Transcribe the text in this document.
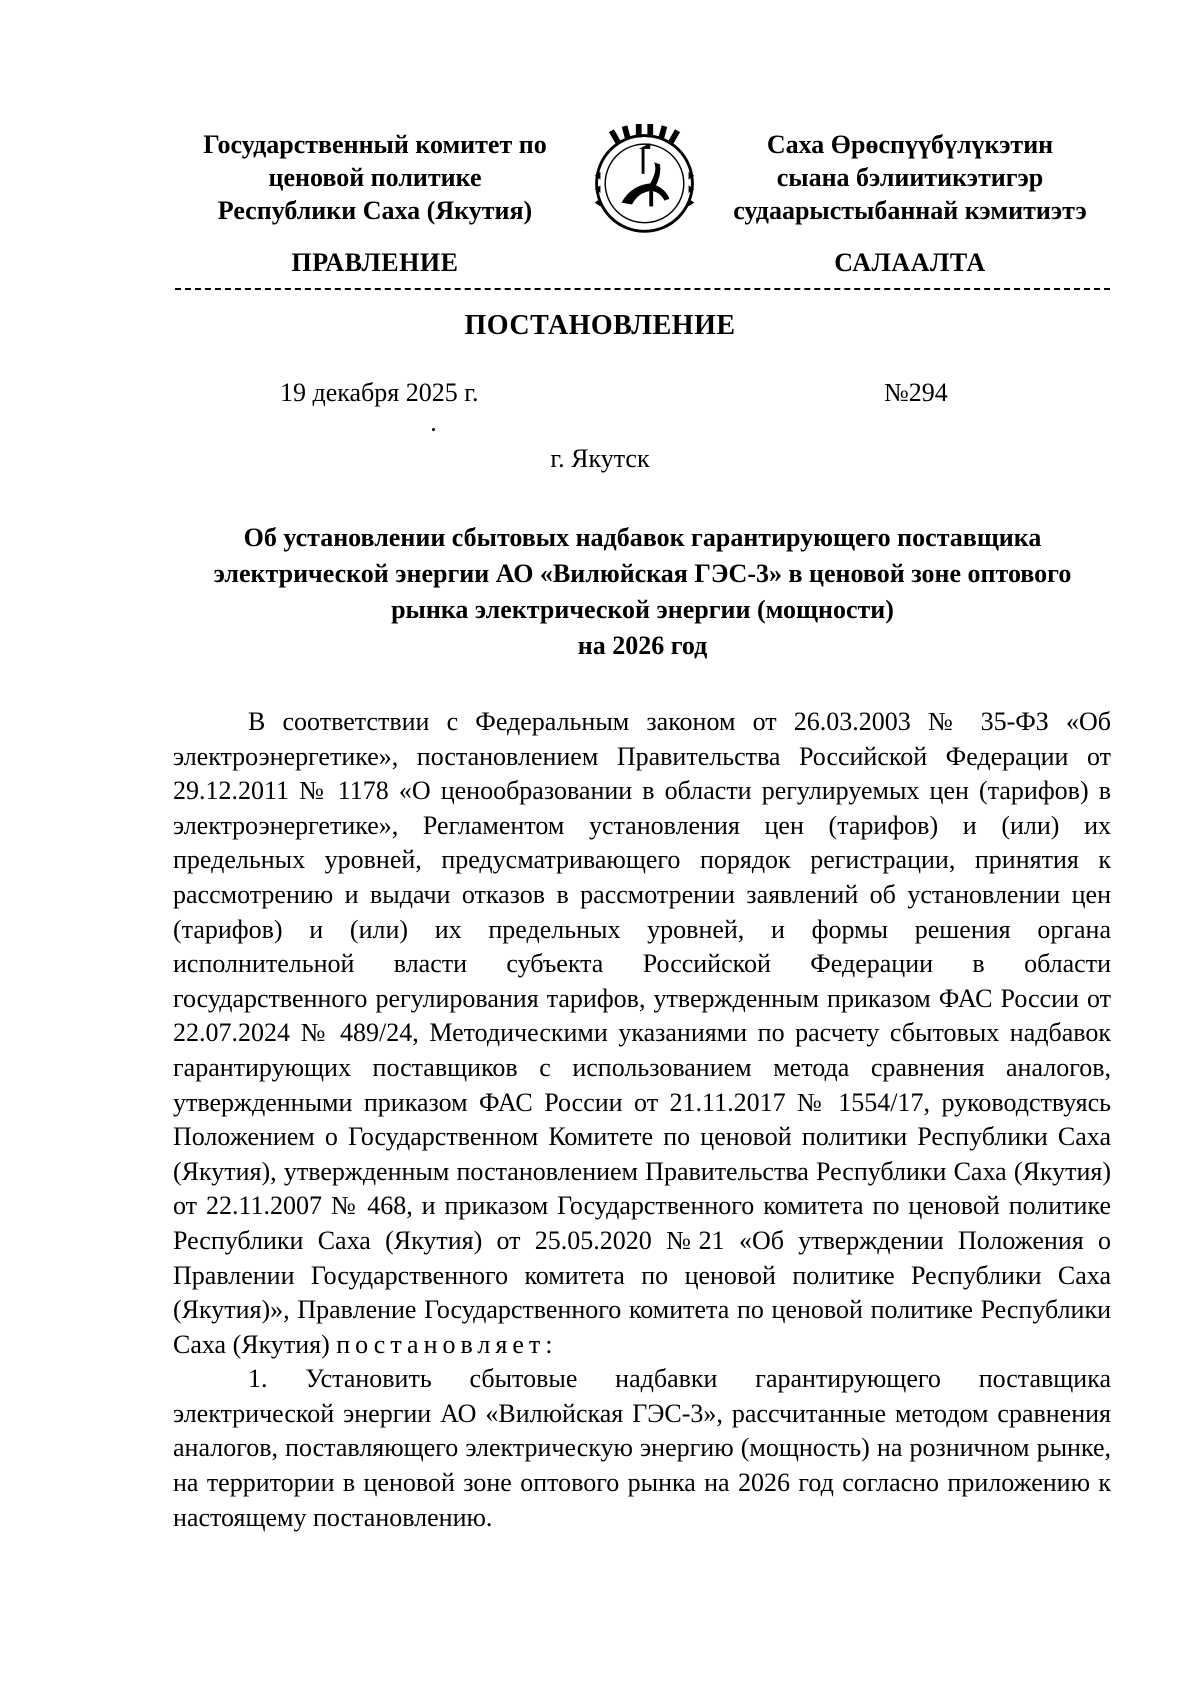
Государственный комитет по
ценовой политике
Республики Саха (Якутия)
Саха Өрөспүүбүлүкэтин
сыана бэлиитикэтигэр
судаарыстыбаннай кэмитиэтэ
ПРАВЛЕНИЕ	САЛААЛТА
ПОСТАНОВЛЕНИЕ
19 декабря 2025 г.	№294
г. Якутск
Об установлении сбытовых надбавок гарантирующего поставщика
электрической энергии АО «Вилюйская ГЭС-3» в ценовой зоне оптового
рынка электрической энергии (мощности)
на 2026 год

В соответствии с Федеральным законом от 26.03.2003 № 35-ФЗ «Об электроэнергетике», постановлением Правительства Российской Федерации от 29.12.2011 № 1178 «О ценообразовании в области регулируемых цен (тарифов) в электроэнергетике», Регламентом установления цен (тарифов) и (или) их предельных уровней, предусматривающего порядок регистрации, принятия к рассмотрению и выдачи отказов в рассмотрении заявлений об установлении цен (тарифов) и (или) их предельных уровней, и формы решения органа исполнительной власти субъекта Российской Федерации в области государственного регулирования тарифов, утвержденным приказом ФАС России от 22.07.2024 № 489/24, Методическими указаниями по расчету сбытовых надбавок гарантирующих поставщиков с использованием метода сравнения аналогов, утвержденными приказом ФАС России от 21.11.2017 № 1554/17, руководствуясь Положением о Государственном Комитете по ценовой политики Республики Саха (Якутия), утвержденным постановлением Правительства Республики Саха (Якутия) от 22.11.2007 № 468, и приказом Государственного комитета по ценовой политике Республики Саха (Якутия) от 25.05.2020 №21 «Об утверждении Положения о Правлении Государственного комитета по ценовой политике Республики Саха (Якутия)», Правление Государственного комитета по ценовой политике Республики Саха (Якутия) постановляет:

1. Установить сбытовые надбавки гарантирующего поставщика электрической энергии АО «Вилюйская ГЭС-3», рассчитанные методом сравнения аналогов, поставляющего электрическую энергию (мощность) на розничном рынке, на территории в ценовой зоне оптового рынка на 2026 год согласно приложению к настоящему постановлению.
